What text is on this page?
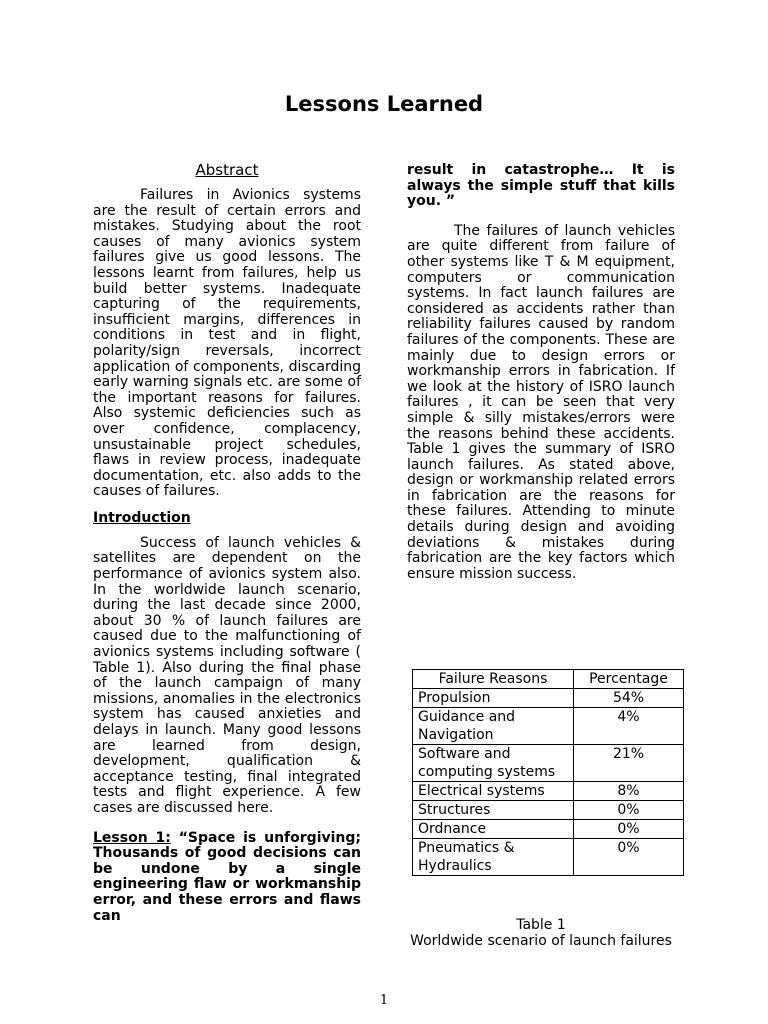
Lessons Learned
Abstract

Failures in Avionics systems are the result of certain errors and mistakes. Studying about the root causes of many avionics system failures give us good lessons. The lessons learnt from failures, help us build better systems. Inadequate capturing of the requirements, insufficient margins, differences in conditions in test and in flight, polarity/sign reversals, incorrect application of components, discarding early warning signals etc. are some of the important reasons for failures. Also systemic deficiencies such as over confidence, complacency, unsustainable project schedules, flaws in review process, inadequate documentation, etc. also adds to the causes of failures.

Introduction

Success of launch vehicles & satellites are dependent on the performance of avionics system also. In the worldwide launch scenario, during the last decade since 2000, about 30 % of launch failures are caused due to the malfunctioning of avionics systems including software ( Table 1). Also during the final phase of the launch campaign of many missions, anomalies in the electronics system has caused anxieties and delays in launch. Many good lessons are learned from design, development, qualification & acceptance testing, final integrated tests and flight experience. A few cases are discussed here.

Lesson 1: “Space is unforgiving; Thousands of good decisions can be undone by a single engineering flaw or workmanship error, and these errors and flaws can

result in catastrophe… It is always the simple stuff that kills you. ”

The failures of launch vehicles are quite different from failure of other systems like T & M equipment, computers or communication systems. In fact launch failures are considered as accidents rather than reliability failures caused by random failures of the components. These are mainly due to design errors or workmanship errors in fabrication. If we look at the history of ISRO launch failures , it can be seen that very simple & silly mistakes/errors were the reasons behind these accidents. Table 1 gives the summary of ISRO launch failures. As stated above, design or workmanship related errors in fabrication are the reasons for these failures. Attending to minute details during design and avoiding deviations & mistakes during fabrication are the key factors which ensure mission success.

Failure Reasons	Percentage
Propulsion	54%
Guidance and Navigation	4%
Software and computing systems	21%
Electrical systems	8%
Structures	0%
Ordnance	0%
Pneumatics & Hydraulics	0%
Table 1
Worldwide scenario of launch failures
1
